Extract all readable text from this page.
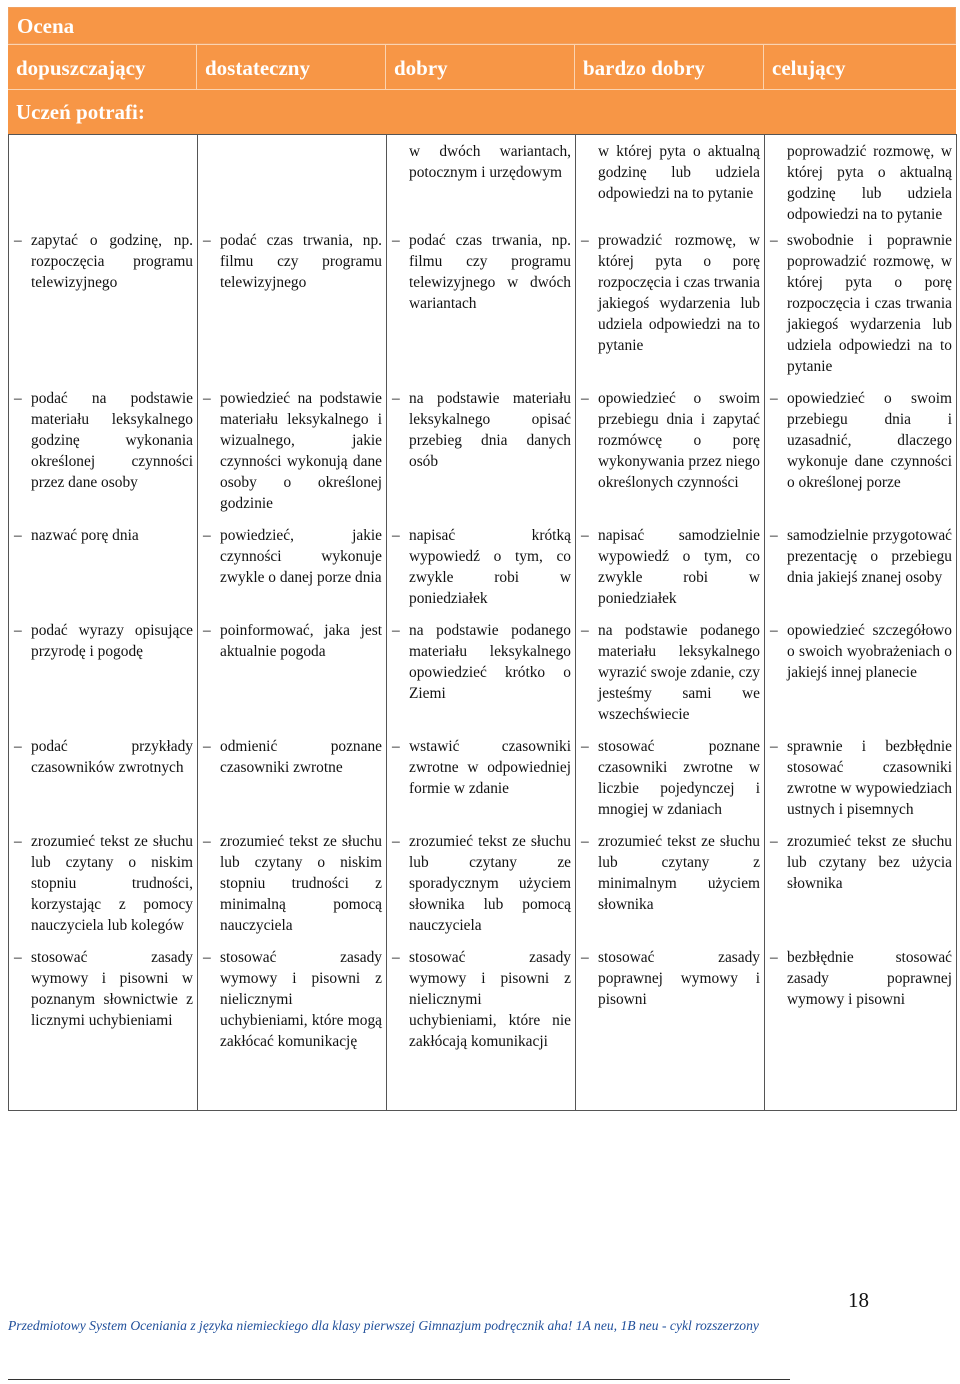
Ocena
dopuszczający	dostateczny	dobry	bardzo dobry	celujący
Uczeń potrafi:

		w dwóch wariantach, potocznym i urzędowym	w której pyta o aktualną godzinę lub udziela odpowiedzi na to pytanie	poprowadzić rozmowę, w której pyta o aktualną godzinę lub udziela odpowiedzi na to pytanie

– zapytać o godzinę, np. rozpoczęcia programu telewizyjnego	– podać czas trwania, np. filmu czy programu telewizyjnego	– podać czas trwania, np. filmu czy programu telewizyjnego w dwóch wariantach	– prowadzić rozmowę, w której pyta o porę rozpoczęcia i czas trwania jakiegoś wydarzenia lub udziela odpowiedzi na to pytanie	– swobodnie i poprawnie poprowadzić rozmowę, w której pyta o porę rozpoczęcia i czas trwania jakiegoś wydarzenia lub udziela odpowiedzi na to pytanie

– podać na podstawie materiału leksykalnego godzinę wykonania określonej czynności przez dane osoby	– powiedzieć na podstawie materiału leksykalnego i wizualnego, jakie czynności wykonują dane osoby o określonej godzinie	– na podstawie materiału leksykalnego opisać przebieg dnia danych osób	– opowiedzieć o swoim przebiegu dnia i zapytać rozmówcę o porę wykonywania przez niego określonych czynności	– opowiedzieć o swoim przebiegu dnia i uzasadnić, dlaczego wykonuje dane czynności o określonej porze

– nazwać porę dnia	– powiedzieć, jakie czynności wykonuje zwykle o danej porze dnia	– napisać krótką wypowiedź o tym, co zwykle robi w poniedziałek	– napisać samodzielnie wypowiedź o tym, co zwykle robi w poniedziałek	– samodzielnie przygotować prezentację o przebiegu dnia jakiejś znanej osoby

– podać wyrazy opisujące przyrodę i pogodę	– poinformować, jaka jest aktualnie pogoda	– na podstawie podanego materiału leksykalnego opowiedzieć krótko o Ziemi	– na podstawie podanego materiału leksykalnego wyrazić swoje zdanie, czy jesteśmy sami we wszechświecie	– opowiedzieć szczegółowo o swoich wyobrażeniach o jakiejś innej planecie

– podać przykłady czasowników zwrotnych	– odmienić poznane czasowniki zwrotne	– wstawić czasowniki zwrotne w odpowiedniej formie w zdanie	– stosować poznane czasowniki zwrotne w liczbie pojedynczej i mnogiej w zdaniach	– sprawnie i bezbłędnie stosować czasowniki zwrotne w wypowiedziach ustnych i pisemnych

– zrozumieć tekst ze słuchu lub czytany o niskim stopniu trudności, korzystając z pomocy nauczyciela lub kolegów	– zrozumieć tekst ze słuchu lub czytany o niskim stopniu trudności z minimalną pomocą nauczyciela	– zrozumieć tekst ze słuchu lub czytany ze sporadycznym użyciem słownika lub pomocą nauczyciela	– zrozumieć tekst ze słuchu lub czytany z minimalnym użyciem słownika	– zrozumieć tekst ze słuchu lub czytany bez użycia słownika

– stosować zasady wymowy i pisowni w poznanym słownictwie z licznymi uchybieniami	– stosować zasady wymowy i pisowni z nielicznymi uchybieniami, które mogą zakłócać komunikację	– stosować zasady wymowy i pisowni z nielicznymi uchybieniami, które nie zakłócają komunikacji	– stosować zasady poprawnej wymowy i pisowni	– bezbłędnie stosować zasady poprawnej wymowy i pisowni
18
Przedmiotowy System Oceniania z języka niemieckiego dla klasy pierwszej Gimnazjum podręcznik aha! 1A neu, 1B neu - cykl rozszerzony
